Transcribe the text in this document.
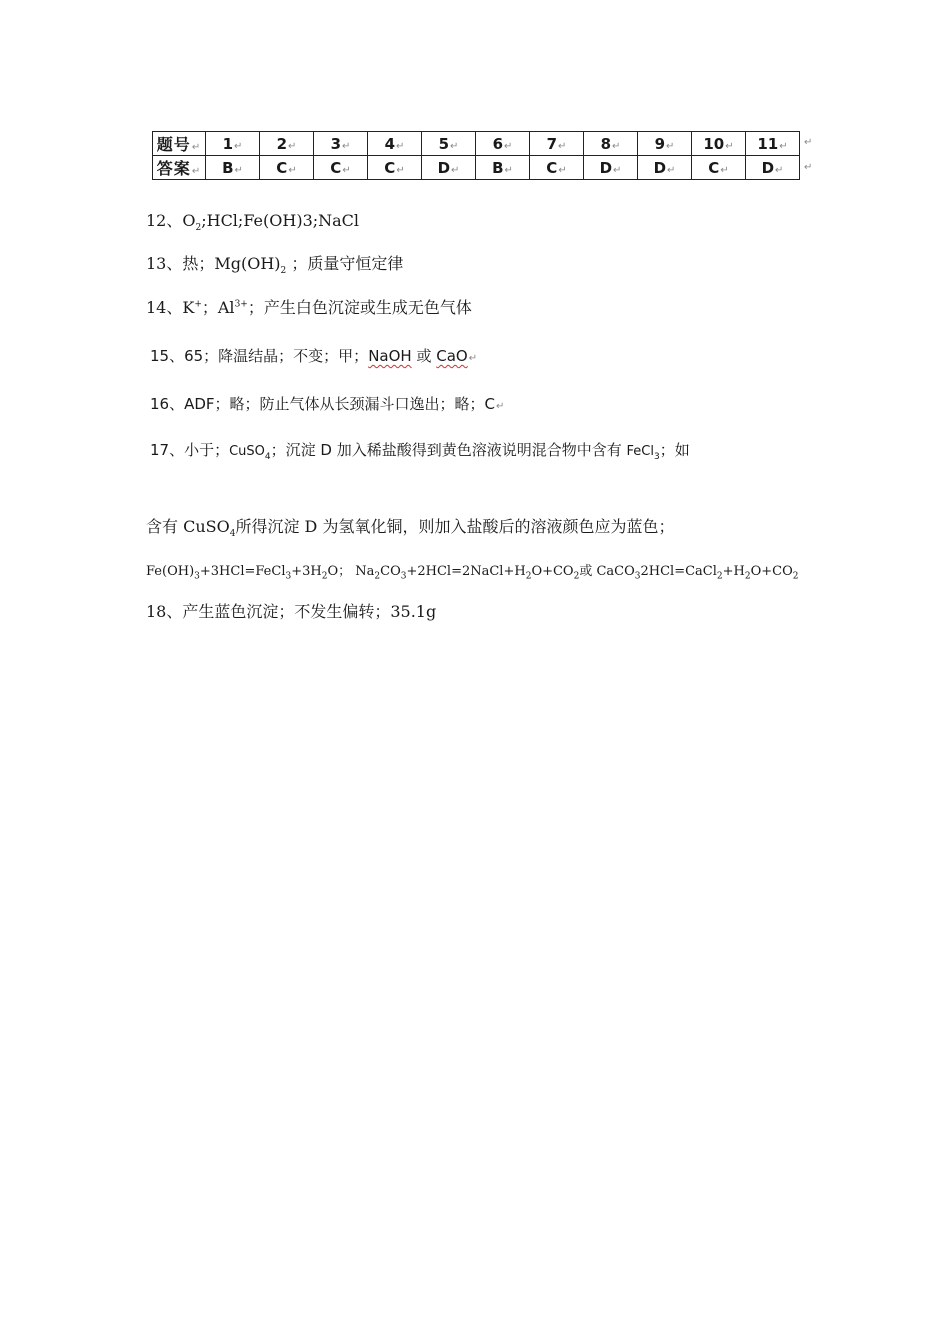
题号↵	1↵	2↵	3↵	4↵	5↵	6↵	7↵	8↵	9↵	10↵	11↵
答案↵	B↵	C↵	C↵	C↵	D↵	B↵	C↵	D↵	D↵	C↵	D↵
↵
↵
12、$O_2;HCl;Fe(OH)3;NaCl$
13、热；$Mg(OH)_2$ ；质量守恒定律
14、K+；$Al^{3+}$；产生白色沉淀或生成无色气体
15、65；降温结晶；不变；甲；NaOH 或 CaO↵
16、ADF；略；防止气体从长颈漏斗口逸出；略；C↵
17、小于；CuSO$_4$；沉淀 D 加入稀盐酸得到黄色溶液说明混合物中含有 FeCl$_3$；如
含有 CuSO$_4$所得沉淀 D 为氢氧化铜，则加入盐酸后的溶液颜色应为蓝色；
$Fe(OH)_3+3HCl=FeCl_3+3H_2O$； $Na_2CO_3+2HCl=2NaCl+H_2O+CO_2$或 $CaCO_32HCl=CaCl_2+H_2O+CO_2$
18、产生蓝色沉淀；不发生偏转；35.1g
